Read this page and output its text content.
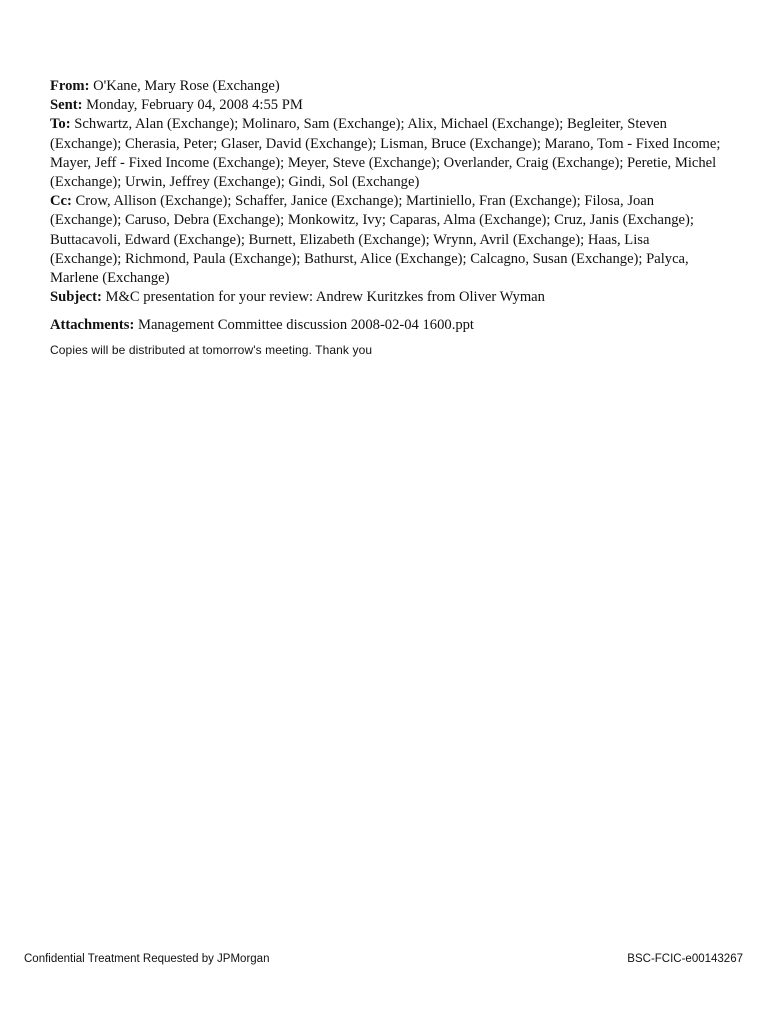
From: O'Kane, Mary Rose (Exchange)

Sent: Monday, February 04, 2008 4:55 PM

To: Schwartz, Alan (Exchange); Molinaro, Sam (Exchange); Alix, Michael (Exchange); Begleiter, Steven (Exchange); Cherasia, Peter; Glaser, David (Exchange); Lisman, Bruce (Exchange); Marano, Tom - Fixed Income; Mayer, Jeff - Fixed Income (Exchange); Meyer, Steve (Exchange); Overlander, Craig (Exchange); Peretie, Michel (Exchange); Urwin, Jeffrey (Exchange); Gindi, Sol (Exchange)

Cc: Crow, Allison (Exchange); Schaffer, Janice (Exchange); Martiniello, Fran (Exchange); Filosa, Joan (Exchange); Caruso, Debra (Exchange); Monkowitz, Ivy; Caparas, Alma (Exchange); Cruz, Janis (Exchange); Buttacavoli, Edward (Exchange); Burnett, Elizabeth (Exchange); Wrynn, Avril (Exchange); Haas, Lisa (Exchange); Richmond, Paula (Exchange); Bathurst, Alice (Exchange); Calcagno, Susan (Exchange); Palyca, Marlene (Exchange)

Subject: M&C presentation for your review: Andrew Kuritzkes from Oliver Wyman

Attachments: Management Committee discussion 2008-02-04 1600.ppt

Copies will be distributed at tomorrow's meeting. Thank you
Confidential Treatment Requested by JPMorgan	BSC-FCIC-e00143267
